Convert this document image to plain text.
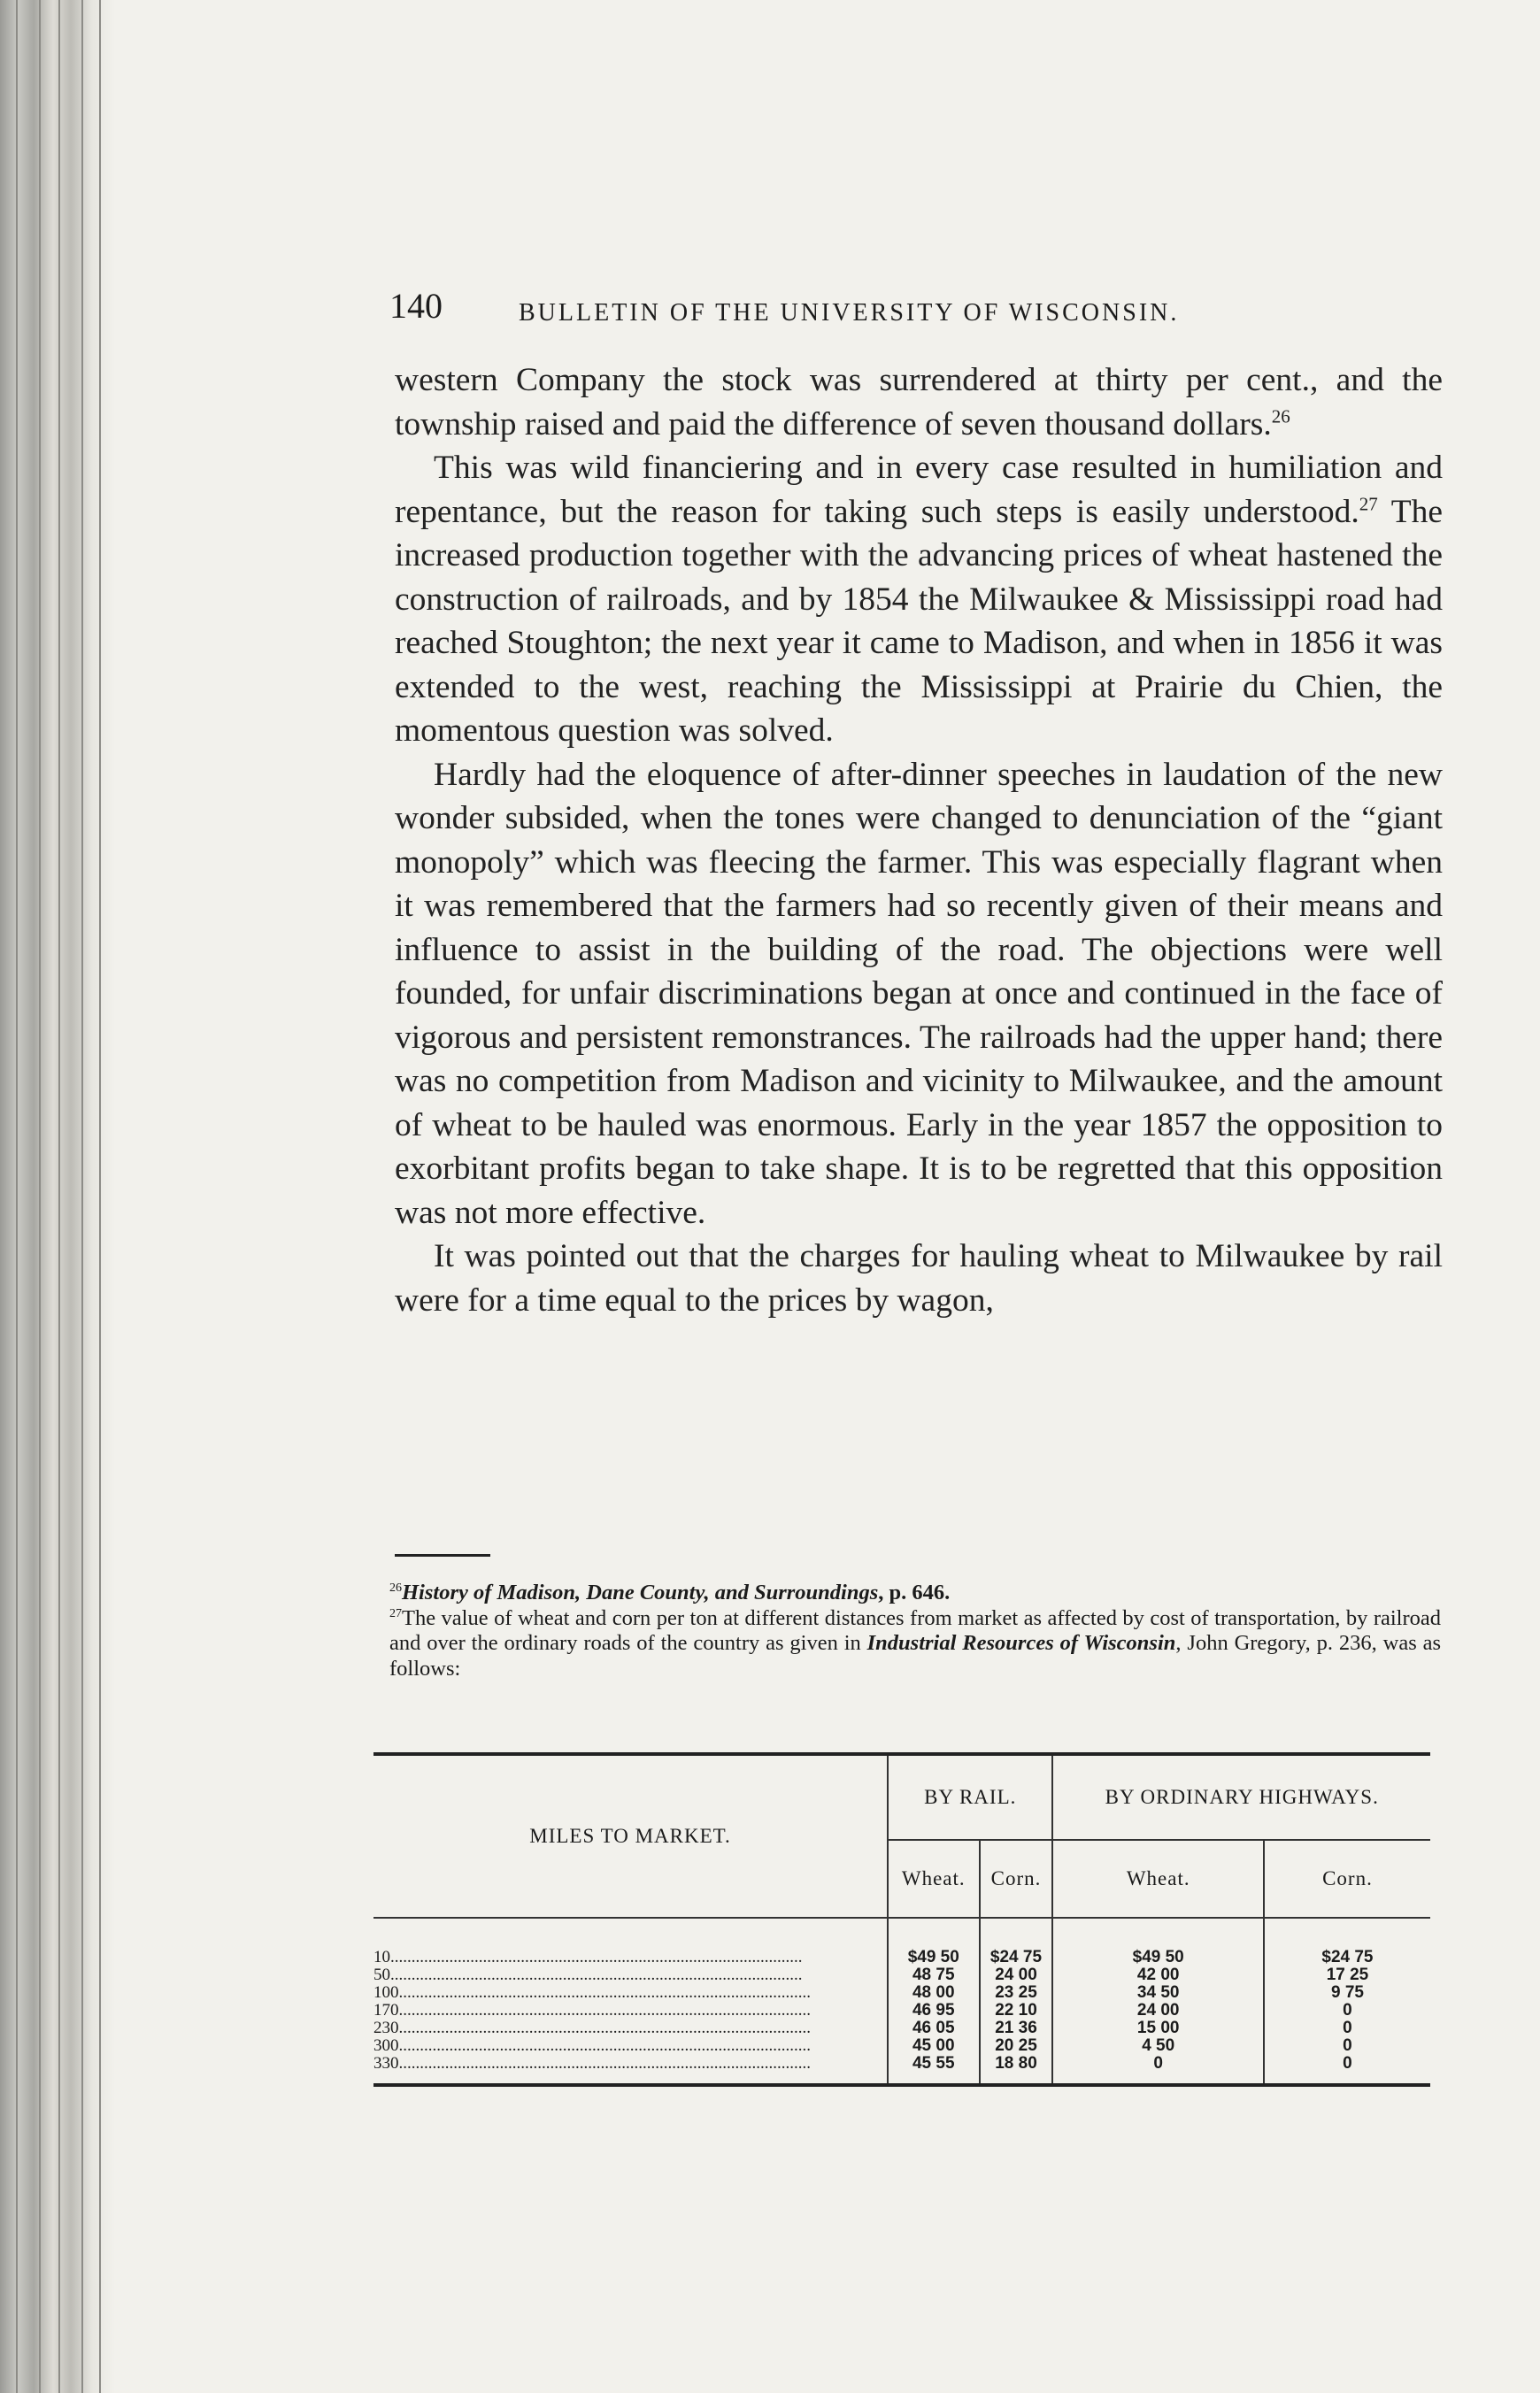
140	BULLETIN OF THE UNIVERSITY OF WISCONSIN.

western Company the stock was surrendered at thirty per cent., and the township raised and paid the difference of seven thousand dollars.$^{26}$

This was wild financiering and in every case resulted in humiliation and repentance, but the reason for taking such steps is easily understood.$^{27}$ The increased production together with the advancing prices of wheat hastened the construction of railroads, and by 1854 the Milwaukee & Mississippi road had reached Stoughton; the next year it came to Madison, and when in 1856 it was extended to the west, reaching the Mississippi at Prairie du Chien, the momentous question was solved.

Hardly had the eloquence of after-dinner speeches in laudation of the new wonder subsided, when the tones were changed to denunciation of the “giant monopoly” which was fleecing the farmer. This was especially flagrant when it was remembered that the farmers had so recently given of their means and influence to assist in the building of the road. The objections were well founded, for unfair discriminations began at once and continued in the face of vigorous and persistent remonstrances. The railroads had the upper hand; there was no competition from Madison and vicinity to Milwaukee, and the amount of wheat to be hauled was enormous. Early in the year 1857 the opposition to exorbitant profits began to take shape. It is to be regretted that this opposition was not more effective.

It was pointed out that the charges for hauling wheat to Milwaukee by rail were for a time equal to the prices by wagon,

$^{26}$History of Madison, Dane County, and Surroundings, p. 646.

$^{27}$The value of wheat and corn per ton at different distances from market as affected by cost of transportation, by railroad and over the ordinary roads of the country as given in Industrial Resources of Wisconsin, John Gregory, p. 236, was as follows:

MILES TO MARKET.	BY RAIL.		BY ORDINARY HIGHWAYS.	
	Wheat.	Corn.	Wheat.	Corn.
10..................................................................................................	$49 50	$24 75	$49 50	$24 75
50..................................................................................................	48 75	24 00	42 00	17 25
100..................................................................................................	48 00	23 25	34 50	9 75
170..................................................................................................	46 95	22 10	24 00	0
230..................................................................................................	46 05	21 36	15 00	0
300..................................................................................................	45 00	20 25	4 50	0
330..................................................................................................	45 55	18 80	0	0
